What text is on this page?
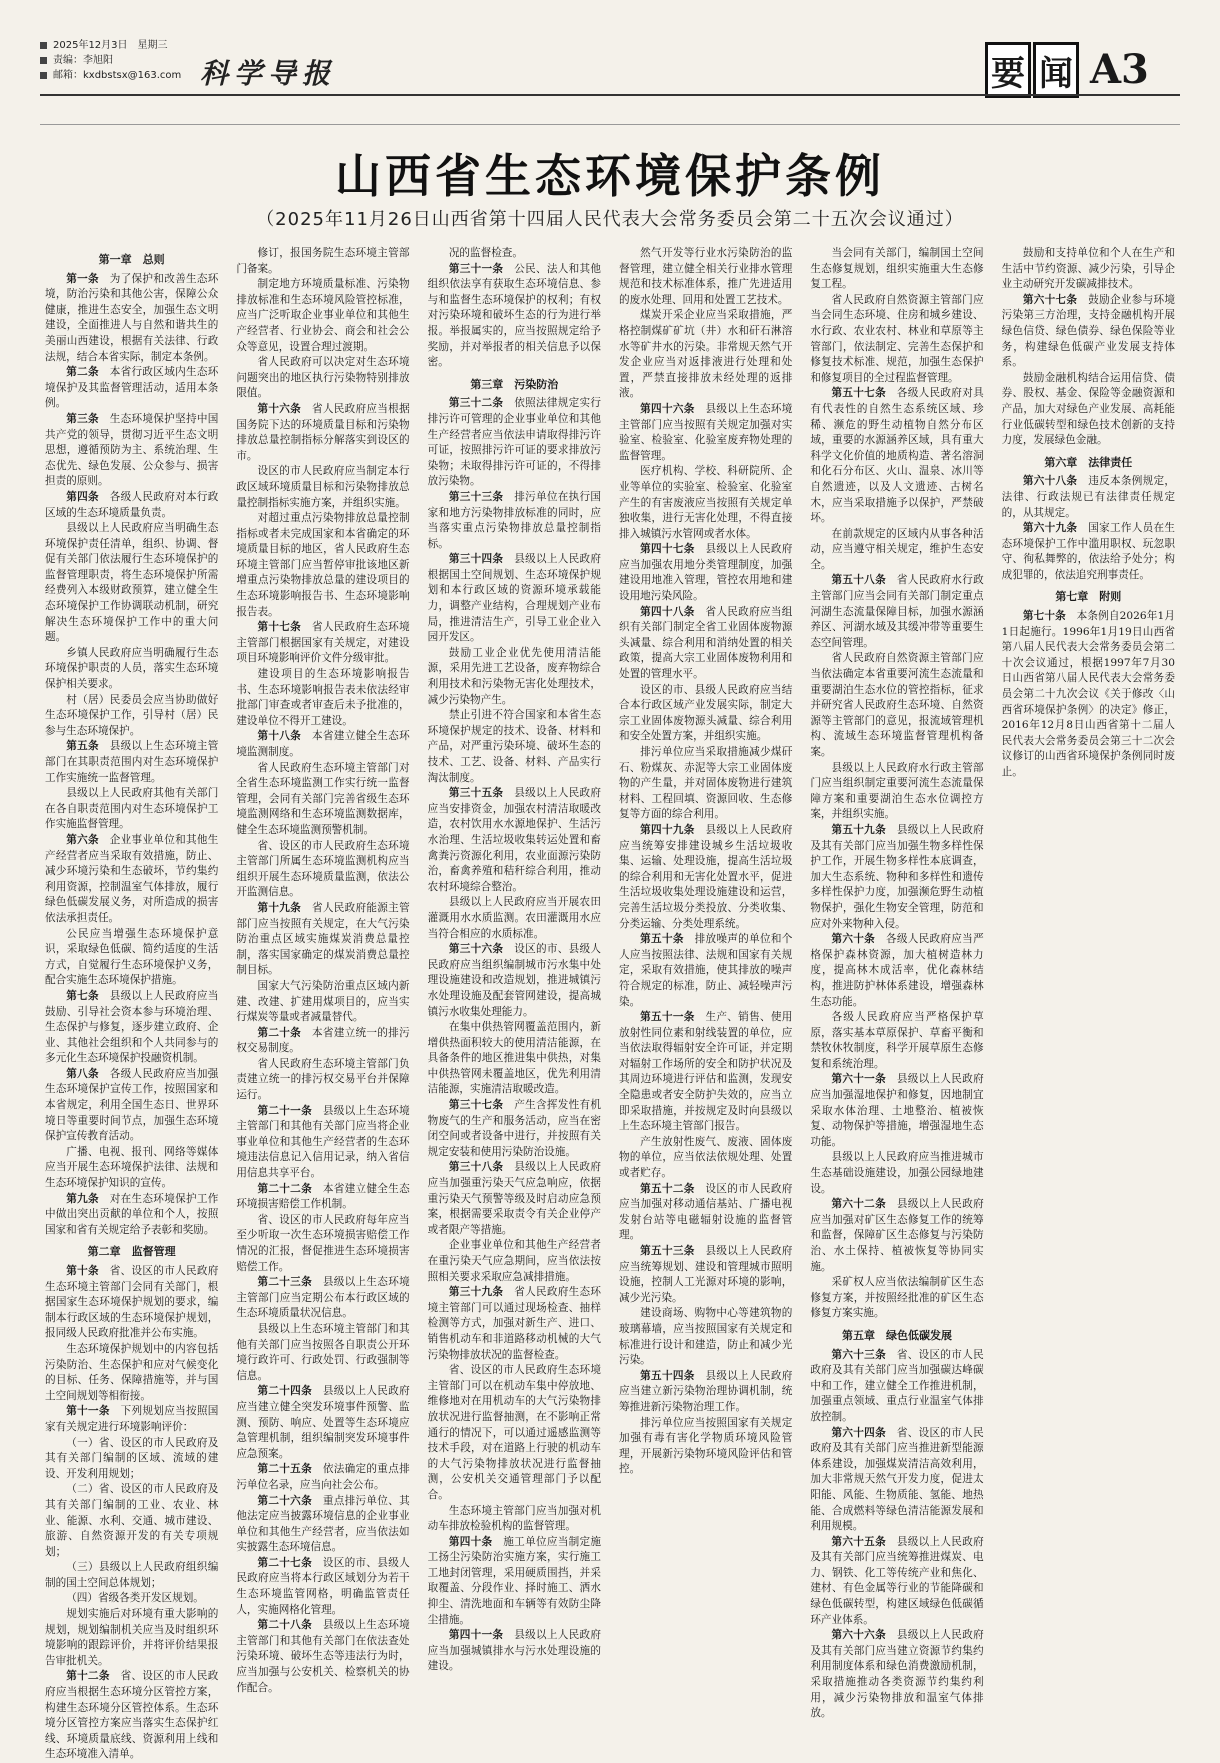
2025年12月3日　星期三
责编：李旭阳
邮箱：kxdbstsx@163.com 科学导报	要 闻 A3
山西省生态环境保护条例
（2025年11月26日山西省第十四届人民代表大会常务委员会第二十五次会议通过）
第一章　总则

第一条　为了保护和改善生态环境，防治污染和其他公害，保障公众健康，推进生态安全，加强生态文明建设，全面推进人与自然和谐共生的美丽山西建设，根据有关法律、行政法规，结合本省实际，制定本条例。

第二条　本省行政区域内生态环境保护及其监督管理活动，适用本条例。

第三条　生态环境保护坚持中国共产党的领导，贯彻习近平生态文明思想，遵循预防为主、系统治理、生态优先、绿色发展、公众参与、损害担责的原则。

第四条　各级人民政府对本行政区域的生态环境质量负责。

县级以上人民政府应当明确生态环境保护责任清单，组织、协调、督促有关部门依法履行生态环境保护的监督管理职责，将生态环境保护所需经费列入本级财政预算，建立健全生态环境保护工作协调联动机制，研究解决生态环境保护工作中的重大问题。

乡镇人民政府应当明确履行生态环境保护职责的人员，落实生态环境保护相关要求。

村（居）民委员会应当协助做好生态环境保护工作，引导村（居）民参与生态环境保护。

第五条　县级以上生态环境主管部门在其职责范围内对生态环境保护工作实施统一监督管理。

县级以上人民政府其他有关部门在各自职责范围内对生态环境保护工作实施监督管理。

第六条　企业事业单位和其他生产经营者应当采取有效措施，防止、减少环境污染和生态破坏，节约集约利用资源，控制温室气体排放，履行绿色低碳发展义务，对所造成的损害依法承担责任。

公民应当增强生态环境保护意识，采取绿色低碳、简约适度的生活方式，自觉履行生态环境保护义务，配合实施生态环境保护措施。

第七条　县级以上人民政府应当鼓励、引导社会资本参与环境治理、生态保护与修复，逐步建立政府、企业、其他社会组织和个人共同参与的多元化生态环境保护投融资机制。

第八条　各级人民政府应当加强生态环境保护宣传工作，按照国家和本省规定，利用全国生态日、世界环境日等重要时间节点，加强生态环境保护宣传教育活动。

广播、电视、报刊、网络等媒体应当开展生态环境保护法律、法规和生态环境保护知识的宣传。

第九条　对在生态环境保护工作中做出突出贡献的单位和个人，按照国家和省有关规定给予表彰和奖励。

第二章　监督管理

第十条　省、设区的市人民政府生态环境主管部门会同有关部门，根据国家生态环境保护规划的要求，编制本行政区域的生态环境保护规划，报同级人民政府批准并公布实施。

生态环境保护规划中的内容包括污染防治、生态保护和应对气候变化的目标、任务、保障措施等，并与国土空间规划等相衔接。

第十一条　下列规划应当按照国家有关规定进行环境影响评价：

（一）省、设区的市人民政府及其有关部门编制的区域、流域的建设、开发利用规划；

（二）省、设区的市人民政府及其有关部门编制的工业、农业、林业、能源、水利、交通、城市建设、旅游、自然资源开发的有关专项规划；

（三）县级以上人民政府组织编制的国土空间总体规划；

（四）省级各类开发区规划。

规划实施后对环境有重大影响的规划，规划编制机关应当及时组织环境影响的跟踪评价，并将评价结果报告审批机关。

第十二条　省、设区的市人民政府应当根据生态环境分区管控方案，构建生态环境分区管控体系。生态环境分区管控方案应当落实生态保护红线、环境质量底线、资源利用上线和生态环境准入清单。

修订，报国务院生态环境主管部门备案。

制定地方环境质量标准、污染物排放标准和生态环境风险管控标准，应当广泛听取企业事业单位和其他生产经营者、行业协会、商会和社会公众等意见，设置合理过渡期。

省人民政府可以决定对生态环境问题突出的地区执行污染物特别排放限值。

第十六条　省人民政府应当根据国务院下达的环境质量目标和污染物排放总量控制指标分解落实到设区的市。

设区的市人民政府应当制定本行政区域环境质量目标和污染物排放总量控制指标实施方案，并组织实施。

对超过重点污染物排放总量控制指标或者未完成国家和本省确定的环境质量目标的地区，省人民政府生态环境主管部门应当暂停审批该地区新增重点污染物排放总量的建设项目的生态环境影响报告书、生态环境影响报告表。

第十七条　省人民政府生态环境主管部门根据国家有关规定，对建设项目环境影响评价文件分级审批。

建设项目的生态环境影响报告书、生态环境影响报告表未依法经审批部门审查或者审查后未予批准的，建设单位不得开工建设。

第十八条　本省建立健全生态环境监测制度。

省人民政府生态环境主管部门对全省生态环境监测工作实行统一监督管理，会同有关部门完善省级生态环境监测网络和生态环境监测数据库，健全生态环境监测预警机制。

省、设区的市人民政府生态环境主管部门所属生态环境监测机构应当组织开展生态环境质量监测，依法公开监测信息。

第十九条　省人民政府能源主管部门应当按照有关规定，在大气污染防治重点区域实施煤炭消费总量控制，落实国家确定的煤炭消费总量控制目标。

国家大气污染防治重点区域内新建、改建、扩建用煤项目的，应当实行煤炭等量或者减量替代。

第二十条　本省建立统一的排污权交易制度。

省人民政府生态环境主管部门负责建立统一的排污权交易平台并保障运行。

第二十一条　县级以上生态环境主管部门和其他有关部门应当将企业事业单位和其他生产经营者的生态环境违法信息记入信用记录，纳入省信用信息共享平台。

第二十二条　本省建立健全生态环境损害赔偿工作机制。

省、设区的市人民政府每年应当至少听取一次生态环境损害赔偿工作情况的汇报，督促推进生态环境损害赔偿工作。

第二十三条　县级以上生态环境主管部门应当定期公布本行政区域的生态环境质量状况信息。

县级以上生态环境主管部门和其他有关部门应当按照各自职责公开环境行政许可、行政处罚、行政强制等信息。

第二十四条　县级以上人民政府应当建立健全突发环境事件预警、监测、预防、响应、处置等生态环境应急管理机制，组织编制突发环境事件应急预案。

第二十五条　依法确定的重点排污单位名录，应当向社会公布。

第二十六条　重点排污单位、其他法定应当披露环境信息的企业事业单位和其他生产经营者，应当依法如实披露生态环境信息。

第二十七条　设区的市、县级人民政府应当将本行政区域划分为若干生态环境监管网格，明确监管责任人，实施网格化管理。

第二十八条　县级以上生态环境主管部门和其他有关部门在依法查处污染环境、破坏生态等违法行为时，应当加强与公安机关、检察机关的协作配合。

况的监督检查。

第三十一条　公民、法人和其他组织依法享有获取生态环境信息、参与和监督生态环境保护的权利；有权对污染环境和破坏生态的行为进行举报。举报属实的，应当按照规定给予奖励，并对举报者的相关信息予以保密。

第三章　污染防治

第三十二条　依照法律规定实行排污许可管理的企业事业单位和其他生产经营者应当依法申请取得排污许可证，按照排污许可证的要求排放污染物；未取得排污许可证的，不得排放污染物。

第三十三条　排污单位在执行国家和地方污染物排放标准的同时，应当落实重点污染物排放总量控制指标。

第三十四条　县级以上人民政府根据国土空间规划、生态环境保护规划和本行政区域的资源环境承载能力，调整产业结构，合理规划产业布局，推进清洁生产，引导工业企业入园开发区。

鼓励工业企业优先使用清洁能源，采用先进工艺设备，废弃物综合利用技术和污染物无害化处理技术，减少污染物产生。

禁止引进不符合国家和本省生态环境保护规定的技术、设备、材料和产品，对严重污染环境、破坏生态的技术、工艺、设备、材料、产品实行淘汰制度。

第三十五条　县级以上人民政府应当安排资金，加强农村清洁取暖改造，农村饮用水水源地保护、生活污水治理、生活垃圾收集转运处置和畜禽粪污资源化利用，农业面源污染防治，畜禽养殖和秸秆综合利用，推动农村环境综合整治。

县级以上人民政府应当开展农田灌溉用水水质监测。农田灌溉用水应当符合相应的水质标准。

第三十六条　设区的市、县级人民政府应当组织编制城市污水集中处理设施建设和改造规划，推进城镇污水处理设施及配套管网建设，提高城镇污水收集处理能力。

在集中供热管网覆盖范围内，新增供热面积较大的使用清洁能源，在具备条件的地区推进集中供热，对集中供热管网未覆盖地区，优先利用清洁能源，实施清洁取暖改造。

第三十七条　产生含挥发性有机物废气的生产和服务活动，应当在密闭空间或者设备中进行，并按照有关规定安装和使用污染防治设施。

第三十八条　县级以上人民政府应当加强重污染天气应急响应，依据重污染天气预警等级及时启动应急预案，根据需要采取责令有关企业停产或者限产等措施。

企业事业单位和其他生产经营者在重污染天气应急期间，应当依法按照相关要求采取应急减排措施。

第三十九条　省人民政府生态环境主管部门可以通过现场检查、抽样检测等方式，加强对新生产、进口、销售机动车和非道路移动机械的大气污染物排放状况的监督检查。

省、设区的市人民政府生态环境主管部门可以在机动车集中停放地、维修地对在用机动车的大气污染物排放状况进行监督抽测，在不影响正常通行的情况下，可以通过遥感监测等技术手段，对在道路上行驶的机动车的大气污染物排放状况进行监督抽测，公安机关交通管理部门予以配合。

生态环境主管部门应当加强对机动车排放检验机构的监督管理。

第四十条　施工单位应当制定施工扬尘污染防治实施方案，实行施工工地封闭管理，采用硬质围挡，并采取覆盖、分段作业、择时施工、洒水抑尘、清洗地面和车辆等有效防尘降尘措施。

第四十一条　县级以上人民政府应当加强城镇排水与污水处理设施的建设。

然气开发等行业水污染防治的监督管理，建立健全相关行业排水管理规范和技术标准体系，推广先进适用的废水处理、回用和处置工艺技术。

煤炭开采企业应当采取措施，严格控制煤矿矿坑（井）水和矸石淋溶水等矿井水的污染。非常规天然气开发企业应当对返排液进行处理和处置，严禁直接排放未经处理的返排液。

第四十六条　县级以上生态环境主管部门应当按照有关规定加强对实验室、检验室、化验室废弃物处理的监督管理。

医疗机构、学校、科研院所、企业等单位的实验室、检验室、化验室产生的有害废液应当按照有关规定单独收集，进行无害化处理，不得直接排入城镇污水管网或者水体。

第四十七条　县级以上人民政府应当加强农用地分类管理制度，加强建设用地准入管理，管控农用地和建设用地污染风险。

第四十八条　省人民政府应当组织有关部门制定全省工业固体废物源头减量、综合利用和消纳处置的相关政策，提高大宗工业固体废物利用和处置的管理水平。

设区的市、县级人民政府应当结合本行政区域产业发展实际，制定大宗工业固体废物源头减量、综合利用和安全处置方案，并组织实施。

排污单位应当采取措施减少煤矸石、粉煤灰、赤泥等大宗工业固体废物的产生量，并对固体废物进行建筑材料、工程回填、资源回收、生态修复等方面的综合利用。

第四十九条　县级以上人民政府应当统筹安排建设城乡生活垃圾收集、运输、处理设施，提高生活垃圾的综合利用和无害化处置水平，促进生活垃圾收集处理设施建设和运营，完善生活垃圾分类投放、分类收集、分类运输、分类处理系统。

第五十条　排放噪声的单位和个人应当按照法律、法规和国家有关规定，采取有效措施，使其排放的噪声符合规定的标准，防止、减轻噪声污染。

第五十一条　生产、销售、使用放射性同位素和射线装置的单位，应当依法取得辐射安全许可证，并定期对辐射工作场所的安全和防护状况及其周边环境进行评估和监测，发现安全隐患或者安全防护失效的，应当立即采取措施，并按规定及时向县级以上生态环境主管部门报告。

产生放射性废气、废液、固体废物的单位，应当依法依规处理、处置或者贮存。

第五十二条　设区的市人民政府应当加强对移动通信基站、广播电视发射台站等电磁辐射设施的监督管理。

第五十三条　县级以上人民政府应当统筹规划、建设和管理城市照明设施，控制人工光源对环境的影响，减少光污染。

建设商场、购物中心等建筑物的玻璃幕墙，应当按照国家有关规定和标准进行设计和建造，防止和减少光污染。

第五十四条　县级以上人民政府应当建立新污染物治理协调机制，统筹推进新污染物治理工作。

排污单位应当按照国家有关规定加强有毒有害化学物质环境风险管理，开展新污染物环境风险评估和管控。

当会同有关部门，编制国土空间生态修复规划，组织实施重大生态修复工程。

省人民政府自然资源主管部门应当会同生态环境、住房和城乡建设、水行政、农业农村、林业和草原等主管部门，依法制定、完善生态保护和修复技术标准、规范，加强生态保护和修复项目的全过程监督管理。

第五十七条　各级人民政府对具有代表性的自然生态系统区域、珍稀、濒危的野生动植物自然分布区域，重要的水源涵养区域，具有重大科学文化价值的地质构造、著名溶洞和化石分布区、火山、温泉、冰川等自然遗迹，以及人文遗迹、古树名木，应当采取措施予以保护，严禁破坏。

在前款规定的区域内从事各种活动，应当遵守相关规定，维护生态安全。

第五十八条　省人民政府水行政主管部门应当会同有关部门制定重点河湖生态流量保障目标，加强水源涵养区、河湖水域及其缓冲带等重要生态空间管理。

省人民政府自然资源主管部门应当依法确定本省重要河流生态流量和重要湖泊生态水位的管控指标，征求并研究省人民政府生态环境、自然资源等主管部门的意见，报流域管理机构、流域生态环境监督管理机构备案。

县级以上人民政府水行政主管部门应当组织制定重要河流生态流量保障方案和重要湖泊生态水位调控方案，并组织实施。

第五十九条　县级以上人民政府及其有关部门应当加强生物多样性保护工作，开展生物多样性本底调查，加大生态系统、物种和多样性和遗传多样性保护力度，加强濒危野生动植物保护，强化生物安全管理，防范和应对外来物种入侵。

第六十条　各级人民政府应当严格保护森林资源，加大植树造林力度，提高林木成活率，优化森林结构，推进防护林体系建设，增强森林生态功能。

各级人民政府应当严格保护草原，落实基本草原保护、草畜平衡和禁牧休牧制度，科学开展草原生态修复和系统治理。

第六十一条　县级以上人民政府应当加强湿地保护和修复，因地制宜采取水体治理、土地整治、植被恢复、动物保护等措施，增强湿地生态功能。

县级以上人民政府应当推进城市生态基础设施建设，加强公园绿地建设。

第六十二条　县级以上人民政府应当加强对矿区生态修复工作的统筹和监督，保障矿区生态修复与污染防治、水土保持、植被恢复等协同实施。

采矿权人应当依法编制矿区生态修复方案，并按照经批准的矿区生态修复方案实施。

第五章　绿色低碳发展

第六十三条　省、设区的市人民政府及其有关部门应当加强碳达峰碳中和工作，建立健全工作推进机制，加强重点领域、重点行业温室气体排放控制。

第六十四条　省、设区的市人民政府及其有关部门应当推进新型能源体系建设，加强煤炭清洁高效利用，加大非常规天然气开发力度，促进太阳能、风能、生物质能、氢能、地热能、合成燃料等绿色清洁能源发展和利用规模。

第六十五条　县级以上人民政府及其有关部门应当统筹推进煤炭、电力、钢铁、化工等传统产业和焦化、建材、有色金属等行业的节能降碳和绿色低碳转型，构建区域绿色低碳循环产业体系。

第六十六条　县级以上人民政府及其有关部门应当建立资源节约集约利用制度体系和绿色消费激励机制，采取措施推动各类资源节约集约利用，减少污染物排放和温室气体排放。

鼓励和支持单位和个人在生产和生活中节约资源、减少污染，引导企业主动研究开发碳减排技术。

第六十七条　鼓励企业参与环境污染第三方治理，支持金融机构开展绿色信贷、绿色债券、绿色保险等业务，构建绿色低碳产业发展支持体系。

鼓励金融机构结合运用信贷、债券、股权、基金、保险等金融资源和产品，加大对绿色产业发展、高耗能行业低碳转型和绿色技术创新的支持力度，发展绿色金融。

第六章　法律责任

第六十八条　违反本条例规定，法律、行政法规已有法律责任规定的，从其规定。

第六十九条　国家工作人员在生态环境保护工作中滥用职权、玩忽职守、徇私舞弊的，依法给予处分；构成犯罪的，依法追究刑事责任。

第七章　附则

第七十条　本条例自2026年1月1日起施行。1996年1月19日山西省第八届人民代表大会常务委员会第二十次会议通过，根据1997年7月30日山西省第八届人民代表大会常务委员会第二十九次会议《关于修改〈山西省环境保护条例〉的决定》修正，2016年12月8日山西省第十二届人民代表大会常务委员会第三十二次会议修订的山西省环境保护条例同时废止。
